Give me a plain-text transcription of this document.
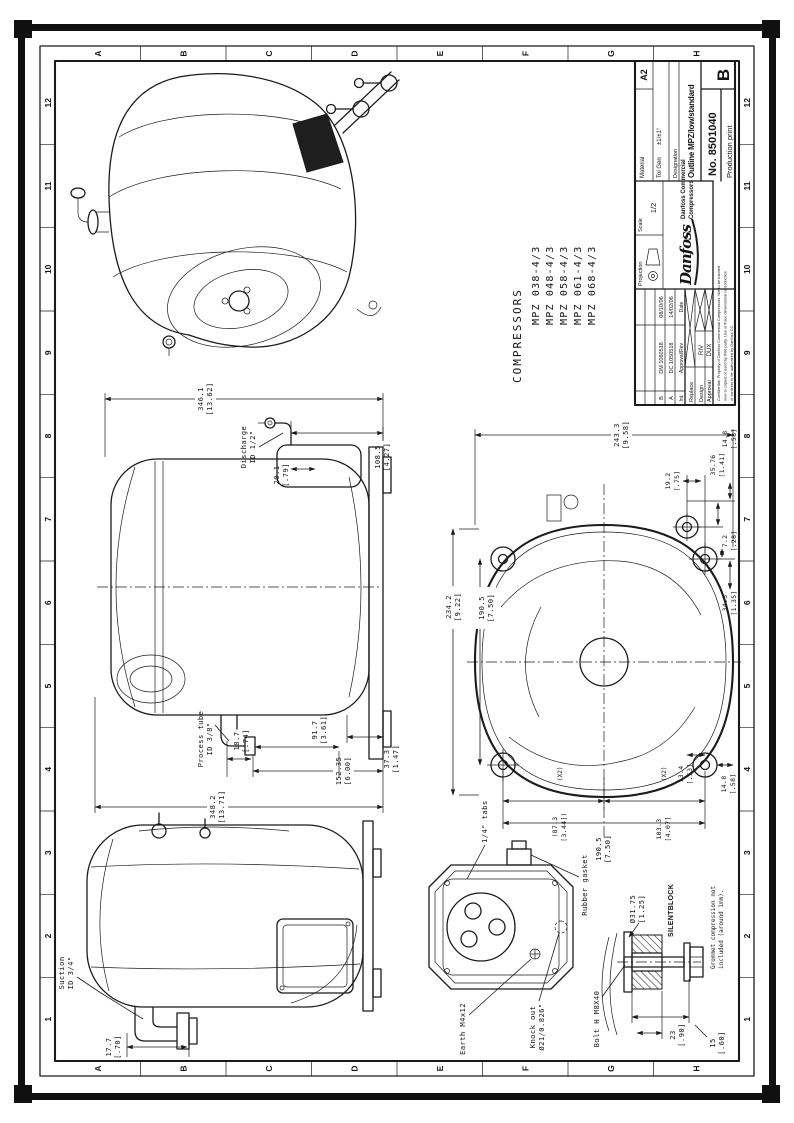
1
2
3
4
5
6
7
8
9
10
11
12
1
2
3
4
5
6
7
8
9
10
11
12
A	B	C	D	E	F	G	H
A	B	C	D	E	F	G	H
Suction ID 3/4"
17.7 [.70]
348.2 [13.71]
152.35 [6.00]
91.7 [3.61]
18.7 [.74]
Process tube ID 3/8"
37.3 [1.47]
346.1 [13.62]
108.5 [4.27]
20.1 [.79]
Discharge ID 1/2"
234.2 [9.22] 190.5 [7.50]
190.5 [7.50]
(87.3 [3.44])
(X2)
103.3 [4.07]
(X2) 13.4 [.53]	14.8 [.58]
243.3 [9.58]
19.2 [.75]
34.3 [1.35]
7.2 [.28]
35.76 [1.41]
14.8 [.58]
COMPRESSORS
MPZ 038-4/3 MPZ 048-4/3 MPZ 058-4/3 MPZ 061-4/3 MPZ 068-4/3
1/4" tabs
Earth M4x12	Knock out Ø21/0.826"
Rubber gasket
Bolt H M8X40
Ø31.75 [1.25]	SILENTBLOCK
23 [.90]	15 [.60]
Grommet compression not included (around 1mm).
B
DM 1060518
08/10/06
A
DC 1050518
14/02/06
Int.
Approval/Rev
Date
Replace Design
RIV
Approval
DUX Confidential: Property of Danfoss Commercial Compressors. Not to be handed over to copied or used by third party. Use or three dimensional reproduction of contents to be authorized by Danfoss CC.
Projection
Scale
1/2
Danfoss
Danfoss Commercial Compressors
Material
A2
Tol Gen
±1/±1°
Designation Outline MPZ/low/standard No. 8501040
B
Production print
